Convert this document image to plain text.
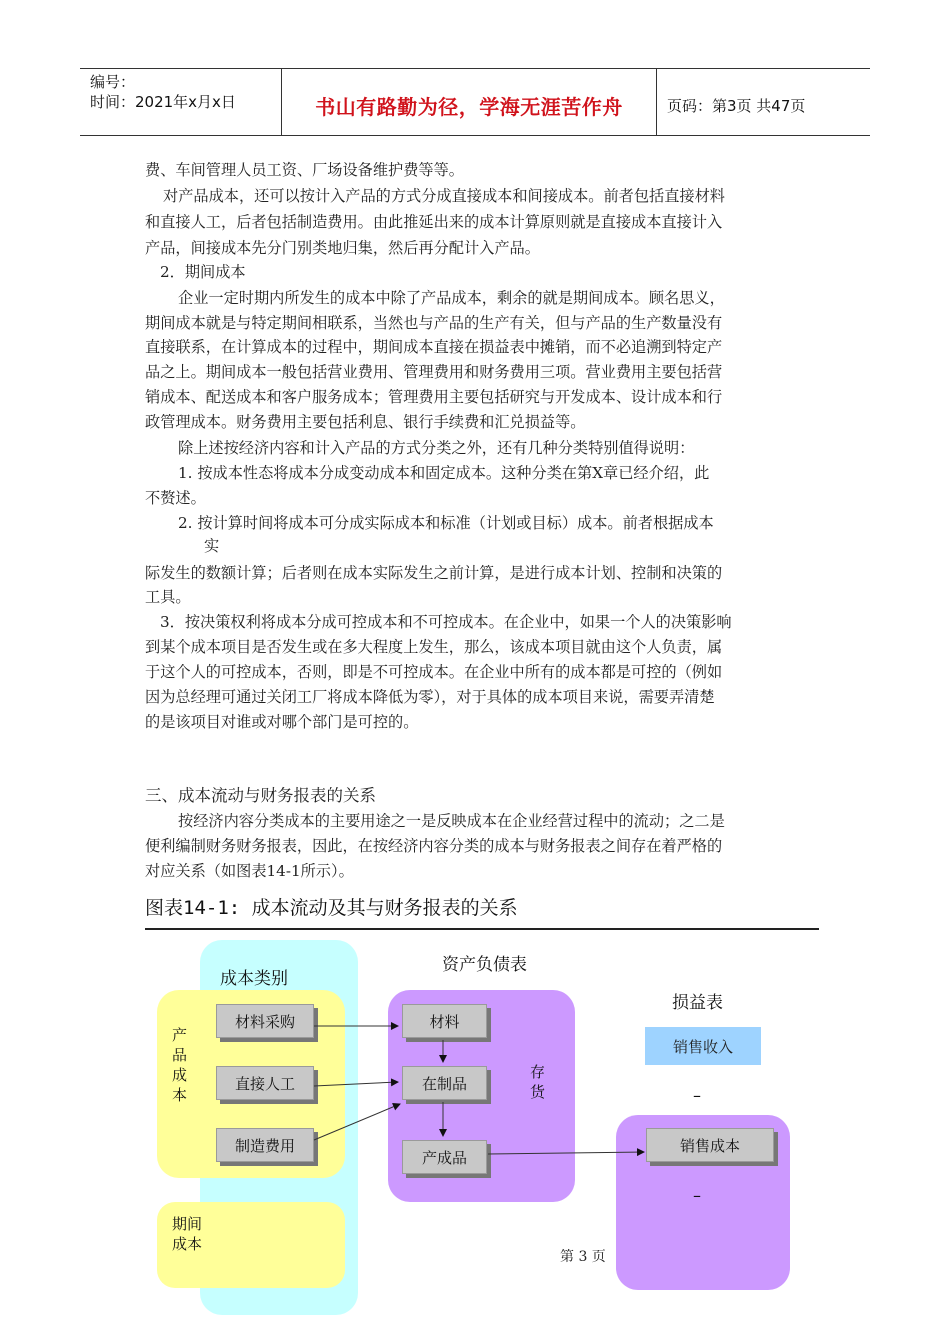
编号：
时间：2021年x月x日	书山有路勤为径，学海无涯苦作舟	页码：第3页 共47页
费、车间管理人员工资、厂场设备维护费等等。
对产品成本，还可以按计入产品的方式分成直接成本和间接成本。前者包括直接材料
和直接人工，后者包括制造费用。由此推延出来的成本计算原则就是直接成本直接计入
产品，间接成本先分门别类地归集，然后再分配计入产品。
2．期间成本
企业一定时期内所发生的成本中除了产品成本，剩余的就是期间成本。顾名思义，
期间成本就是与特定期间相联系，当然也与产品的生产有关，但与产品的生产数量没有
直接联系，在计算成本的过程中，期间成本直接在损益表中摊销，而不必追溯到特定产
品之上。期间成本一般包括营业费用、管理费用和财务费用三项。营业费用主要包括营
销成本、配送成本和客户服务成本；管理费用主要包括研究与开发成本、设计成本和行
政管理成本。财务费用主要包括利息、银行手续费和汇兑损益等。
除上述按经济内容和计入产品的方式分类之外，还有几种分类特别值得说明：
1. 按成本性态将成本分成变动成本和固定成本。这种分类在第X章已经介绍，此
不赘述。
2. 按计算时间将成本可分成实际成本和标准（计划或目标）成本。前者根据成本
实
际发生的数额计算；后者则在成本实际发生之前计算，是进行成本计划、控制和决策的
工具。
3．按决策权利将成本分成可控成本和不可控成本。在企业中，如果一个人的决策影响
到某个成本项目是否发生或在多大程度上发生，那么，该成本项目就由这个人负责，属
于这个人的可控成本，否则，即是不可控成本。在企业中所有的成本都是可控的（例如
因为总经理可通过关闭工厂将成本降低为零），对于具体的成本项目来说，需要弄清楚
的是该项目对谁或对哪个部门是可控的。
三、成本流动与财务报表的关系
按经济内容分类成本的主要用途之一是反映成本在企业经营过程中的流动；之二是
便利编制财务财务报表，因此，在按经济内容分类的成本与财务报表之间存在着严格的
对应关系（如图表14-1所示）。
图表14-1: 成本流动及其与财务报表的关系
成本类别
产品成本
期间成本
资产负债表
存货
损益表
销售收入
–
–
材料采购
直接人工
制造费用
材料
在制品
产成品
销售成本
第 3 页
